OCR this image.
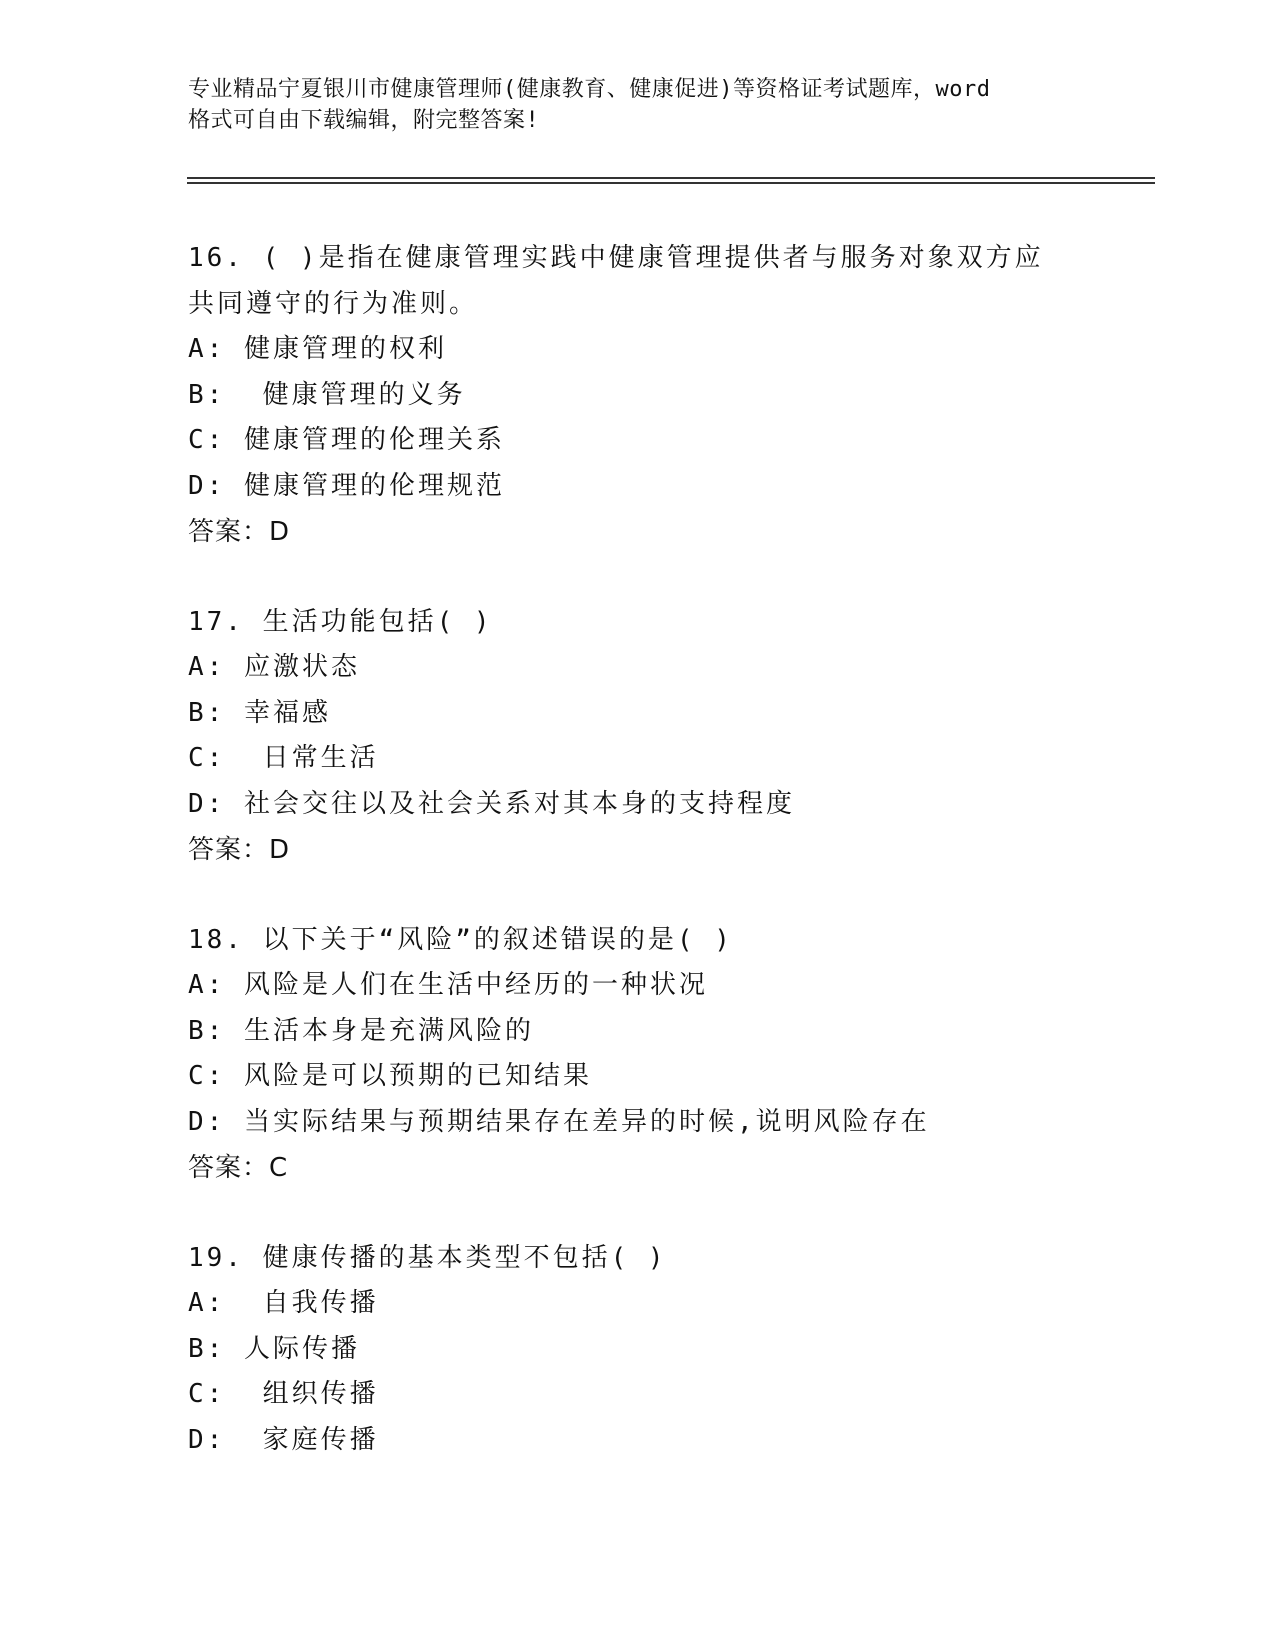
专业精品宁夏银川市健康管理师(健康教育、健康促进)等资格证考试题库，word
格式可自由下载编辑，附完整答案!

16. ( )是指在健康管理实践中健康管理提供者与服务对象双方应

共同遵守的行为准则。

A: 健康管理的权利

B:  健康管理的义务

C: 健康管理的伦理关系

D: 健康管理的伦理规范

答案：D

17. 生活功能包括( )

A: 应激状态

B: 幸福感

C:  日常生活

D: 社会交往以及社会关系对其本身的支持程度

答案：D

18. 以下关于“风险”的叙述错误的是( )

A: 风险是人们在生活中经历的一种状况

B: 生活本身是充满风险的

C: 风险是可以预期的已知结果

D: 当实际结果与预期结果存在差异的时候,说明风险存在

答案：C

19. 健康传播的基本类型不包括( )

A:  自我传播

B: 人际传播

C:  组织传播

D:  家庭传播
